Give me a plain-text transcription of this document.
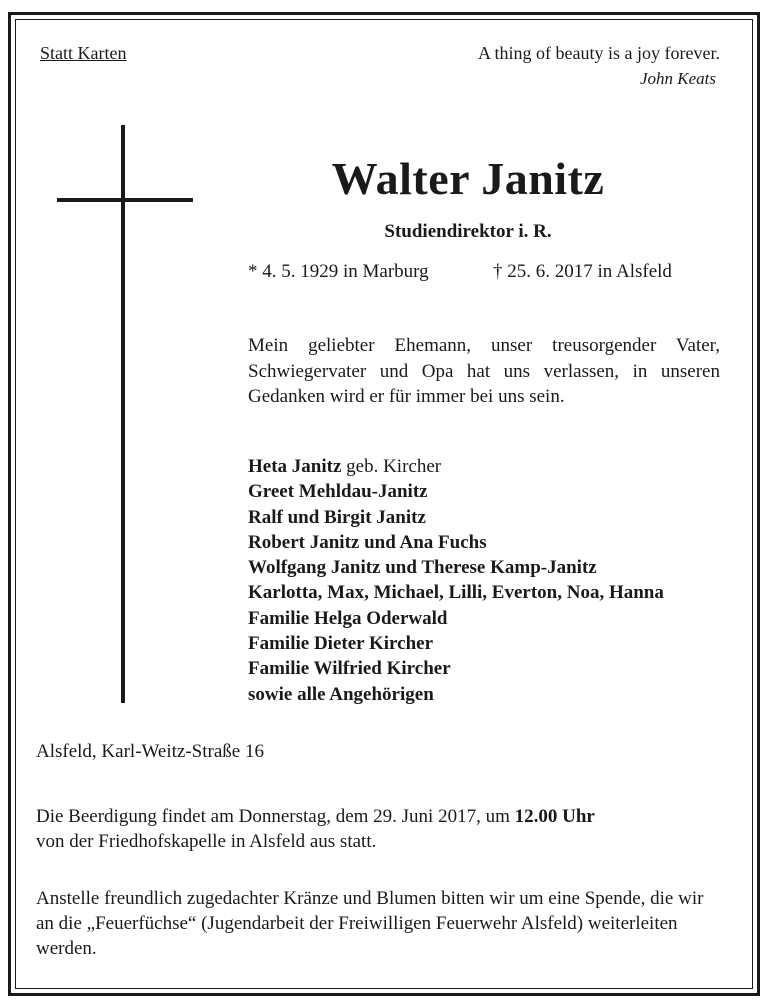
Statt Karten	A thing of beauty is a joy forever.

John Keats

Walter Janitz

Studiendirektor i. R.

* 4. 5. 1929 in Marburg	† 25. 6. 2017 in Alsfeld

Mein geliebter Ehemann, unser treusorgender Vater, Schwiegervater und Opa hat uns verlassen, in unseren Gedanken wird er für immer bei uns sein.

Heta Janitz geb. Kircher
Greet Mehldau-Janitz
Ralf und Birgit Janitz
Robert Janitz und Ana Fuchs
Wolfgang Janitz und Therese Kamp-Janitz
Karlotta, Max, Michael, Lilli, Everton, Noa, Hanna
Familie Helga Oderwald
Familie Dieter Kircher
Familie Wilfried Kircher
sowie alle Angehörigen

Alsfeld, Karl-Weitz-Straße 16

Die Beerdigung findet am Donnerstag, dem 29. Juni 2017, um 12.00 Uhr
von der Friedhofskapelle in Alsfeld aus statt.

Anstelle freundlich zugedachter Kränze und Blumen bitten wir um eine Spende, die wir an die „Feuerfüchse“ (Jugendarbeit der Freiwilligen Feuerwehr Alsfeld) weiterleiten werden.
